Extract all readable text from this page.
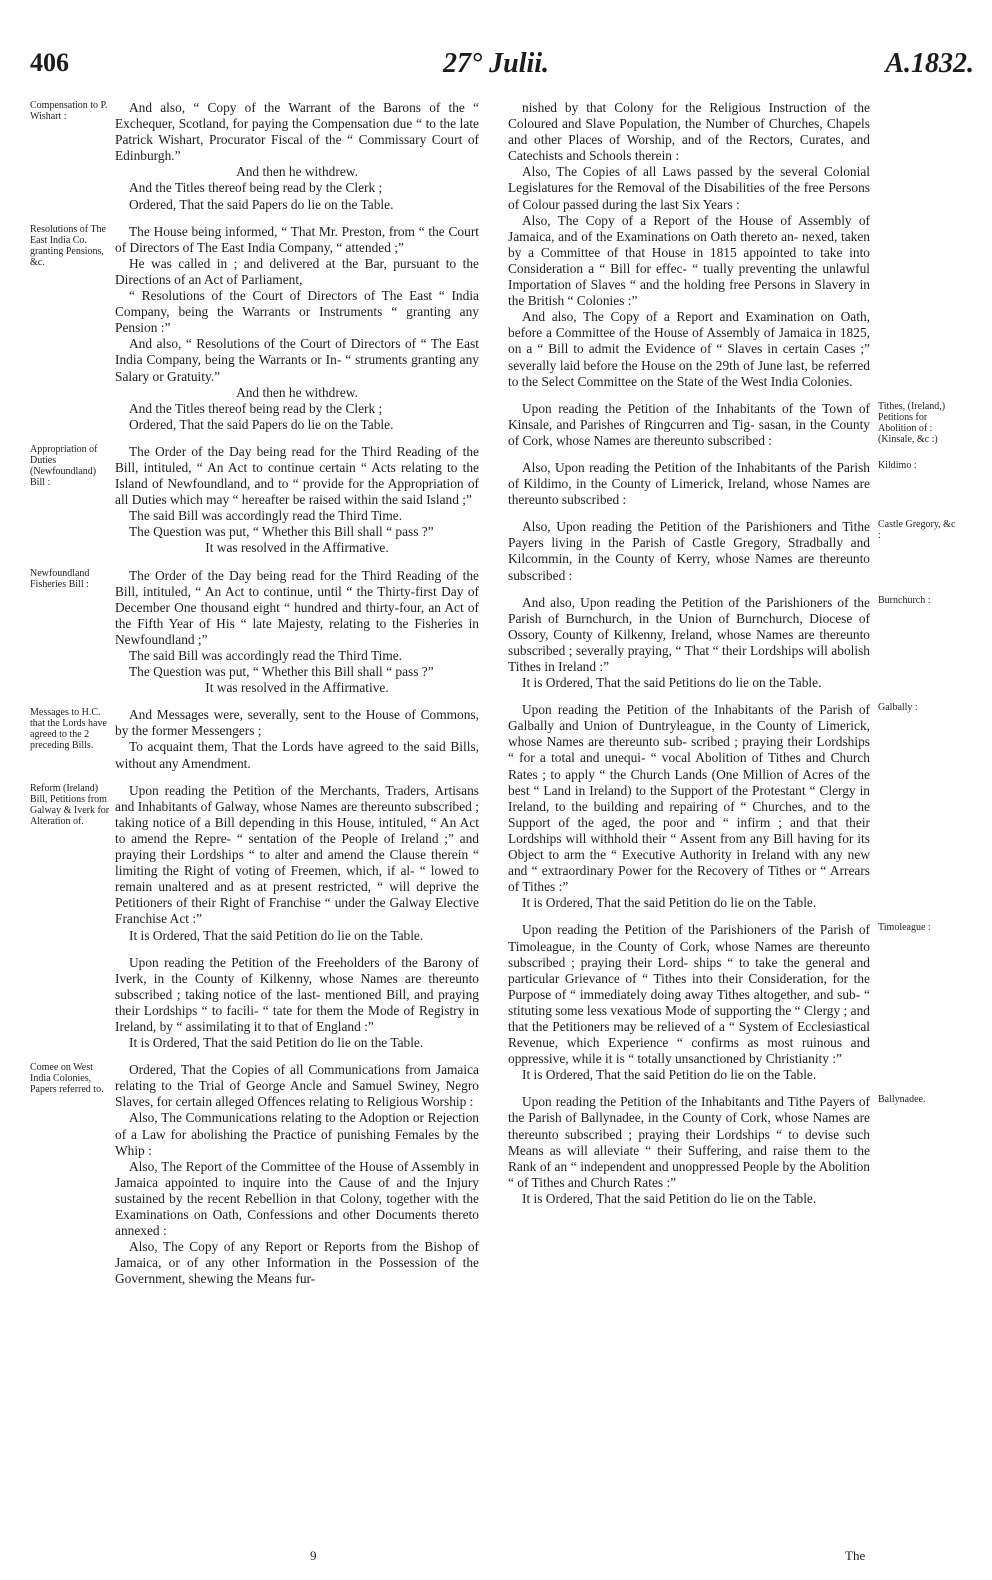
406	27° Julii.	A.1832.
Compensation to P. Wishart :

And also, “ Copy of the Warrant of the Barons of the “ Exchequer, Scotland, for paying the Compensation due “ to the late Patrick Wishart, Procurator Fiscal of the “ Commissary Court of Edinburgh.”

And then he withdrew.

And the Titles thereof being read by the Clerk ;

Ordered, That the said Papers do lie on the Table.

Resolutions of The East India Co. granting Pensions, &c.

The House being informed, “ That Mr. Preston, from “ the Court of Directors of The East India Company, “ attended ;”

He was called in ; and delivered at the Bar, pursuant to the Directions of an Act of Parliament,

“ Resolutions of the Court of Directors of The East “ India Company, being the Warrants or Instruments “ granting any Pension :”

And also, “ Resolutions of the Court of Directors of “ The East India Company, being the Warrants or In- “ struments granting any Salary or Gratuity.”

And then he withdrew.

And the Titles thereof being read by the Clerk ;

Ordered, That the said Papers do lie on the Table.

Appropriation of Duties (Newfoundland) Bill :

The Order of the Day being read for the Third Reading of the Bill, intituled, “ An Act to continue certain “ Acts relating to the Island of Newfoundland, and to “ provide for the Appropriation of all Duties which may “ hereafter be raised within the said Island ;”

The said Bill was accordingly read the Third Time.

The Question was put, “ Whether this Bill shall “ pass ?”

It was resolved in the Affirmative.

Newfoundland Fisheries Bill :

The Order of the Day being read for the Third Reading of the Bill, intituled, “ An Act to continue, until “ the Thirty-first Day of December One thousand eight “ hundred and thirty-four, an Act of the Fifth Year of His “ late Majesty, relating to the Fisheries in Newfoundland ;”

The said Bill was accordingly read the Third Time.

The Question was put, “ Whether this Bill shall “ pass ?”

It was resolved in the Affirmative.

Messages to H.C. that the Lords have agreed to the 2 preceding Bills.

And Messages were, severally, sent to the House of Commons, by the former Messengers ;

To acquaint them, That the Lords have agreed to the said Bills, without any Amendment.

Reform (Ireland) Bill, Petitions from Galway & Iverk for Alteration of.

Upon reading the Petition of the Merchants, Traders, Artisans and Inhabitants of Galway, whose Names are thereunto subscribed ; taking notice of a Bill depending in this House, intituled, “ An Act to amend the Repre- “ sentation of the People of Ireland ;” and praying their Lordships “ to alter and amend the Clause therein “ limiting the Right of voting of Freemen, which, if al- “ lowed to remain unaltered and as at present restricted, “ will deprive the Petitioners of their Right of Franchise “ under the Galway Elective Franchise Act :”

It is Ordered, That the said Petition do lie on the Table.

Upon reading the Petition of the Freeholders of the Barony of Iverk, in the County of Kilkenny, whose Names are thereunto subscribed ; taking notice of the last- mentioned Bill, and praying their Lordships “ to facili- “ tate for them the Mode of Registry in Ireland, by “ assimilating it to that of England :”

It is Ordered, That the said Petition do lie on the Table.

Comee on West India Colonies, Papers referred to.

Ordered, That the Copies of all Communications from Jamaica relating to the Trial of George Ancle and Samuel Swiney, Negro Slaves, for certain alleged Offences relating to Religious Worship :

Also, The Communications relating to the Adoption or Rejection of a Law for abolishing the Practice of punishing Females by the Whip :

Also, The Report of the Committee of the House of Assembly in Jamaica appointed to inquire into the Cause of and the Injury sustained by the recent Rebellion in that Colony, together with the Examinations on Oath, Confessions and other Documents thereto annexed :

Also, The Copy of any Report or Reports from the Bishop of Jamaica, or of any other Information in the Possession of the Government, shewing the Means fur-

nished by that Colony for the Religious Instruction of the Coloured and Slave Population, the Number of Churches, Chapels and other Places of Worship, and of the Rectors, Curates, and Catechists and Schools therein :

Also, The Copies of all Laws passed by the several Colonial Legislatures for the Removal of the Disabilities of the free Persons of Colour passed during the last Six Years :

Also, The Copy of a Report of the House of Assembly of Jamaica, and of the Examinations on Oath thereto an- nexed, taken by a Committee of that House in 1815 appointed to take into Consideration a “ Bill for effec- “ tually preventing the unlawful Importation of Slaves “ and the holding free Persons in Slavery in the British “ Colonies :”

And also, The Copy of a Report and Examination on Oath, before a Committee of the House of Assembly of Jamaica in 1825, on a “ Bill to admit the Evidence of “ Slaves in certain Cases ;” severally laid before the House on the 29th of June last, be referred to the Select Committee on the State of the West India Colonies.

Tithes, (Ireland,) Petitions for Abolition of : (Kinsale, &c :)

Upon reading the Petition of the Inhabitants of the Town of Kinsale, and Parishes of Ringcurren and Tig- sasan, in the County of Cork, whose Names are thereunto subscribed :

Kildimo :

Also, Upon reading the Petition of the Inhabitants of the Parish of Kildimo, in the County of Limerick, Ireland, whose Names are thereunto subscribed :

Castle Gregory, &c :

Also, Upon reading the Petition of the Parishioners and Tithe Payers living in the Parish of Castle Gregory, Stradbally and Kilcommin, in the County of Kerry, whose Names are thereunto subscribed :

Burnchurch :

And also, Upon reading the Petition of the Parishioners of the Parish of Burnchurch, in the Union of Burnchurch, Diocese of Ossory, County of Kilkenny, Ireland, whose Names are thereunto subscribed ; severally praying, “ That “ their Lordships will abolish Tithes in Ireland :”

It is Ordered, That the said Petitions do lie on the Table.

Galbally :

Upon reading the Petition of the Inhabitants of the Parish of Galbally and Union of Duntryleague, in the County of Limerick, whose Names are thereunto sub- scribed ; praying their Lordships “ for a total and unequi- “ vocal Abolition of Tithes and Church Rates ; to apply “ the Church Lands (One Million of Acres of the best “ Land in Ireland) to the Support of the Protestant “ Clergy in Ireland, to the building and repairing of “ Churches, and to the Support of the aged, the poor and “ infirm ; and that their Lordships will withhold their “ Assent from any Bill having for its Object to arm the “ Executive Authority in Ireland with any new and “ extraordinary Power for the Recovery of Tithes or “ Arrears of Tithes :”

It is Ordered, That the said Petition do lie on the Table.

Timoleague :

Upon reading the Petition of the Parishioners of the Parish of Timoleague, in the County of Cork, whose Names are thereunto subscribed ; praying their Lord- ships “ to take the general and particular Grievance of “ Tithes into their Consideration, for the Purpose of “ immediately doing away Tithes altogether, and sub- “ stituting some less vexatious Mode of supporting the “ Clergy ; and that the Petitioners may be relieved of a “ System of Ecclesiastical Revenue, which Experience “ confirms as most ruinous and oppressive, while it is “ totally unsanctioned by Christianity :”

It is Ordered, That the said Petition do lie on the Table.

Ballynadee.

Upon reading the Petition of the Inhabitants and Tithe Payers of the Parish of Ballynadee, in the County of Cork, whose Names are thereunto subscribed ; praying their Lordships “ to devise such Means as will alleviate “ their Suffering, and raise them to the Rank of an “ independent and unoppressed People by the Abolition “ of Tithes and Church Rates :”

It is Ordered, That the said Petition do lie on the Table.

9	The
